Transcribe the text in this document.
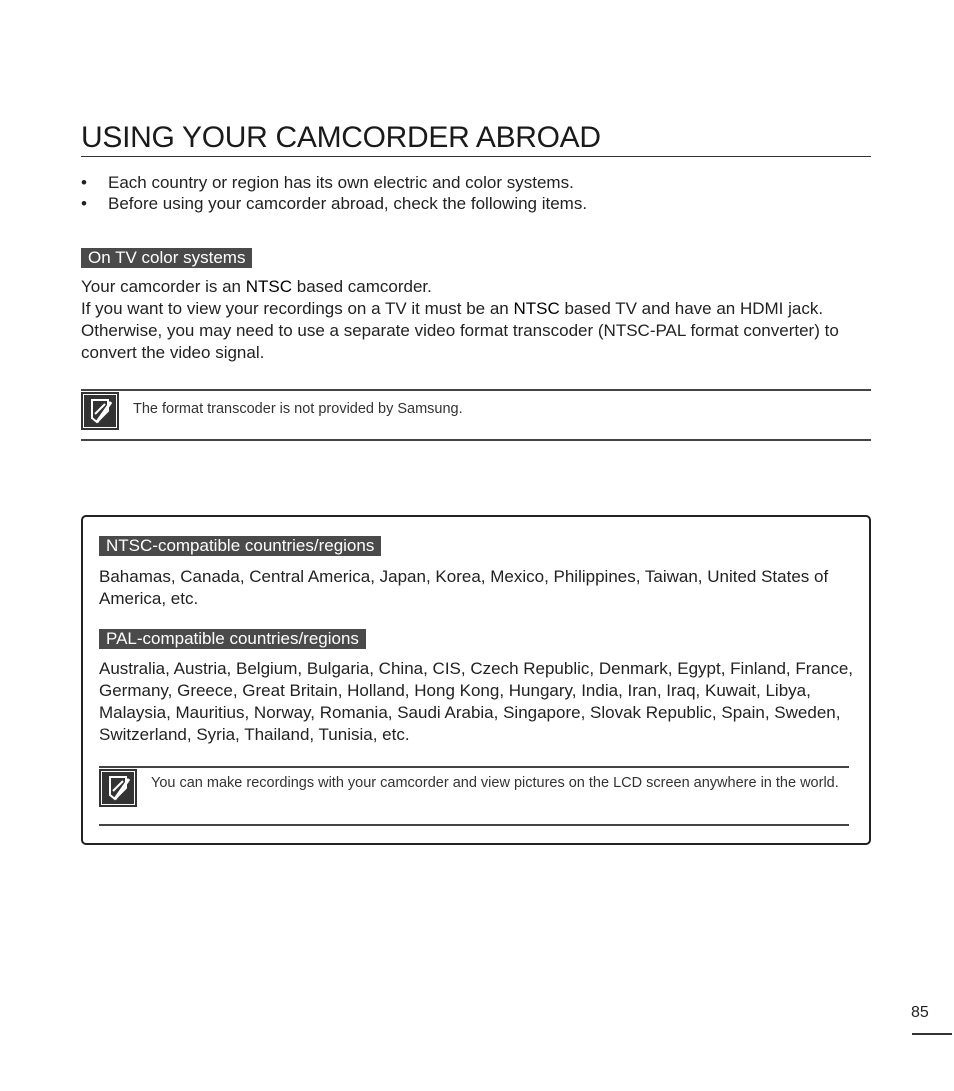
USING YOUR CAMCORDER ABROAD
• Each country or region has its own electric and color systems.
• Before using your camcorder abroad, check the following items.
On TV color systems

Your camcorder is an NTSC based camcorder.

If you want to view your recordings on a TV it must be an NTSC based TV and have an HDMI jack. Otherwise, you may need to use a separate video format transcoder (NTSC-PAL format converter) to convert the video signal.

The format transcoder is not provided by Samsung.

NTSC-compatible countries/regions

Bahamas, Canada, Central America, Japan, Korea, Mexico, Philippines, Taiwan, United States of America, etc.

PAL-compatible countries/regions

Australia, Austria, Belgium, Bulgaria, China, CIS, Czech Republic, Denmark, Egypt, Finland, France, Germany, Greece, Great Britain, Holland, Hong Kong, Hungary, India, Iran, Iraq, Kuwait, Libya, Malaysia, Mauritius, Norway, Romania, Saudi Arabia, Singapore, Slovak Republic, Spain, Sweden, Switzerland, Syria, Thailand, Tunisia, etc.

You can make recordings with your camcorder and view pictures on the LCD screen anywhere in the world.

85
